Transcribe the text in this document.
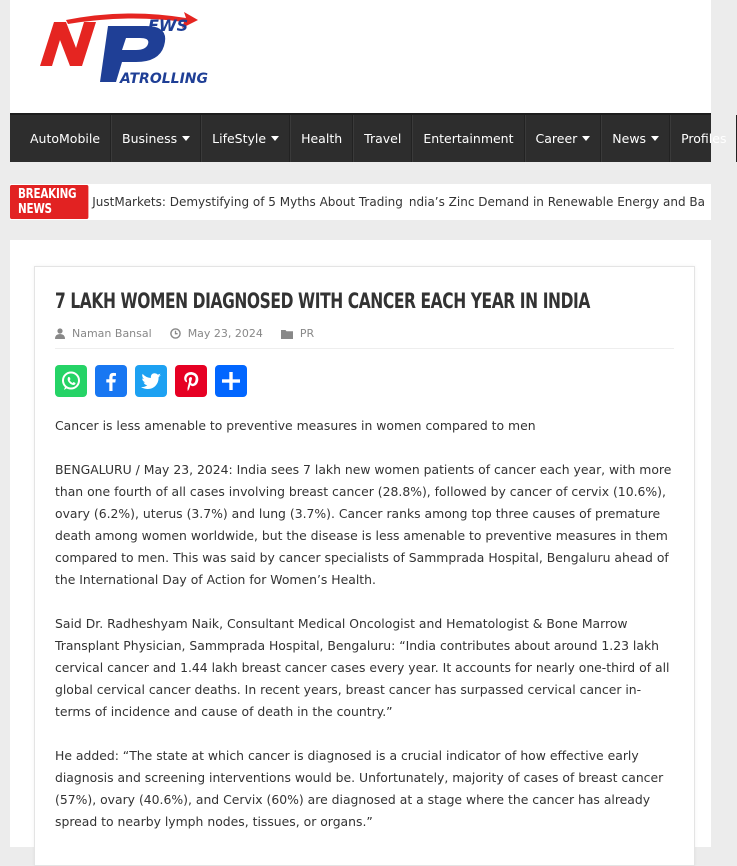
EWS
ATROLLING
AutoMobile Business	LifeStyle	Health Travel Entertainment Career	News	Profiles
BREAKING NEWS	JustMarkets: Demystifying of 5 Myths About Trading ndia’s Zinc Demand in Renewable Energy and Ba
7 LAKH WOMEN DIAGNOSED WITH CANCER EACH YEAR IN INDIA
Naman Bansal	May 23, 2024	PR

Cancer is less amenable to preventive measures in women compared to men

BENGALURU / May 23, 2024: India sees 7 lakh new women patients of cancer each year, with more than one fourth of all cases involving breast cancer (28.8%), followed by cancer of cervix (10.6%), ovary (6.2%), uterus (3.7%) and lung (3.7%). Cancer ranks among top three causes of premature death among women worldwide, but the disease is less amenable to preventive measures in them compared to men. This was said by cancer specialists of Sammprada Hospital, Bengaluru ahead of the International Day of Action for Women’s Health.

Said Dr. Radheshyam Naik, Consultant Medical Oncologist and Hematologist & Bone Marrow Transplant Physician, Sammprada Hospital, Bengaluru: “India contributes about around 1.23 lakh cervical cancer and 1.44 lakh breast cancer cases every year. It accounts for nearly one-third of all global cervical cancer deaths. In recent years, breast cancer has surpassed cervical cancer in-terms of incidence and cause of death in the country.”

He added: “The state at which cancer is diagnosed is a crucial indicator of how effective early diagnosis and screening interventions would be. Unfortunately, majority of cases of breast cancer (57%), ovary (40.6%), and Cervix (60%) are diagnosed at a stage where the cancer has already spread to nearby lymph nodes, tissues, or organs.”
